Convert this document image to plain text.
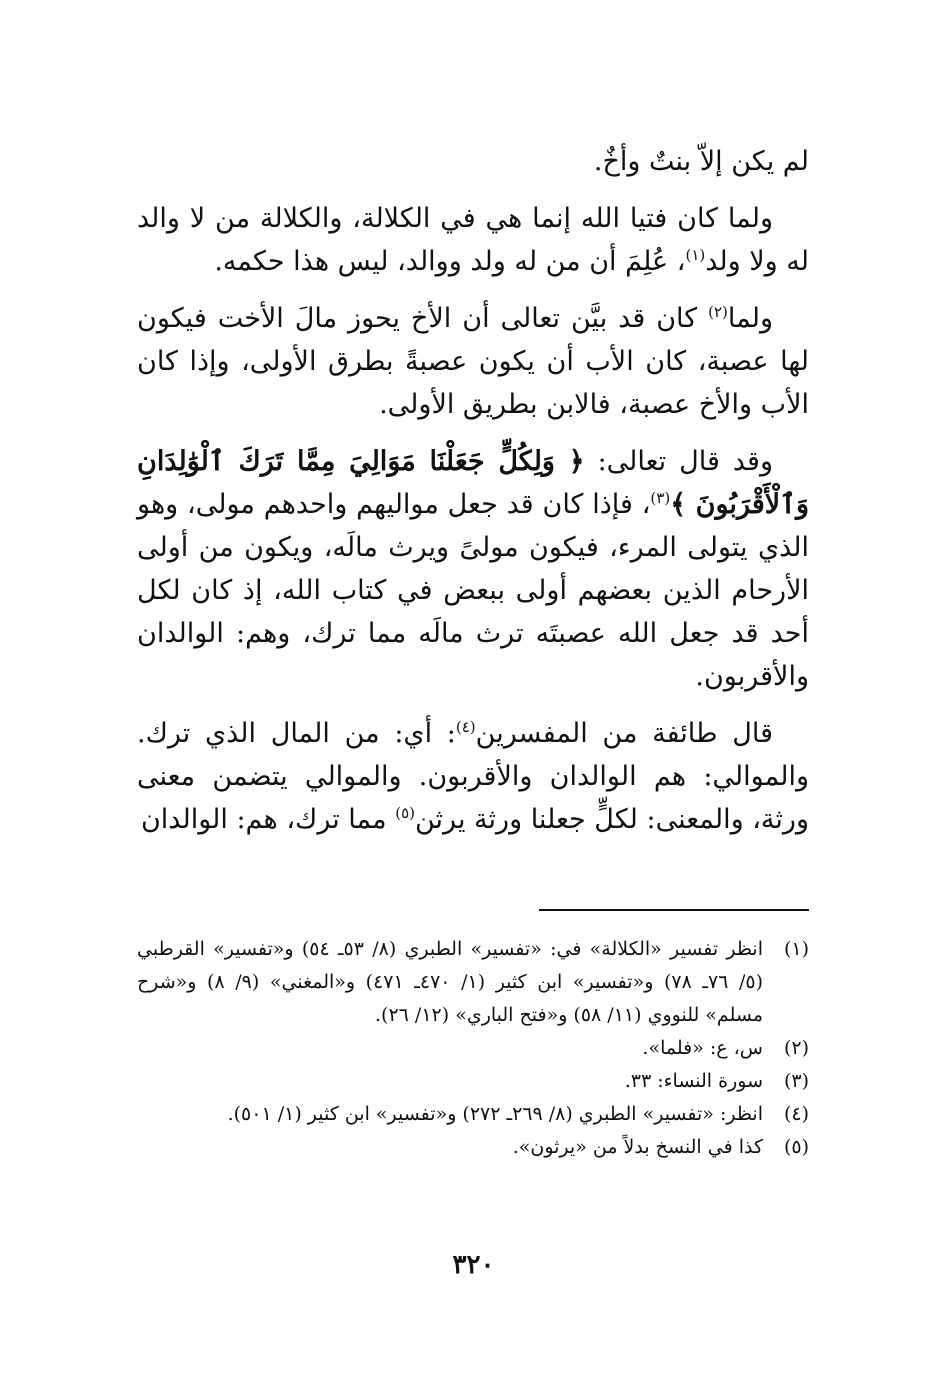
لم يكن إلاّ بنتٌ وأخٌ.

ولما كان فتيا الله إنما هي في الكلالة، والكلالة من لا والد له ولا ولد$^{(١)}$، عُلِمَ أن من له ولد ووالد، ليس هذا حكمه.

ولما$^{(٢)}$ كان قد بيَّن تعالى أن الأخ يحوز مالَ الأخت فيكون لها عصبة، كان الأب أن يكون عصبةً بطرق الأولى، وإذا كان الأب والأخ عصبة، فالابن بطريق الأولى.

وقد قال تعالى: ﴿ وَلِكُلٍّ جَعَلْنَا مَوَالِيَ مِمَّا تَرَكَ ٱلْوَٰلِدَانِ وَٱلْأَقْرَبُونَ ﴾$^{(٣)}$، فإذا كان قد جعل مواليهم واحدهم مولى، وهو الذي يتولى المرء، فيكون مولىً ويرث مالَه، ويكون من أولى الأرحام الذين بعضهم أولى ببعض في كتاب الله، إذ كان لكل أحد قد جعل الله عصبتَه ترث مالَه مما ترك، وهم: الوالدان والأقربون.

قال طائفة من المفسرين$^{(٤)}$: أي: من المال الذي ترك. والموالي: هم الوالدان والأقربون. والموالي يتضمن معنى ورثة، والمعنى: لكلٍّ جعلنا ورثة يرثن$^{(٥)}$ مما ترك، هم: الوالدان

(١)
انظر تفسير «الكلالة» في: «تفسير» الطبري (٨/ ٥٣ـ ٥٤) و«تفسير» القرطبي (٥/ ٧٦ـ ٧٨) و«تفسير» ابن كثير (١/ ٤٧٠ـ ٤٧١) و«المغني» (٩/ ٨) و«شرح مسلم» للنووي (١١/ ٥٨) و«فتح الباري» (١٢/ ٢٦).
(٢)
س، ع: «فلما».
(٣)
سورة النساء: ٣٣.
(٤)
انظر: «تفسير» الطبري (٨/ ٢٦٩ـ ٢٧٢) و«تفسير» ابن كثير (١/ ٥٠١).
(٥)
كذا في النسخ بدلاً من «يرثون».
٣٢٠
